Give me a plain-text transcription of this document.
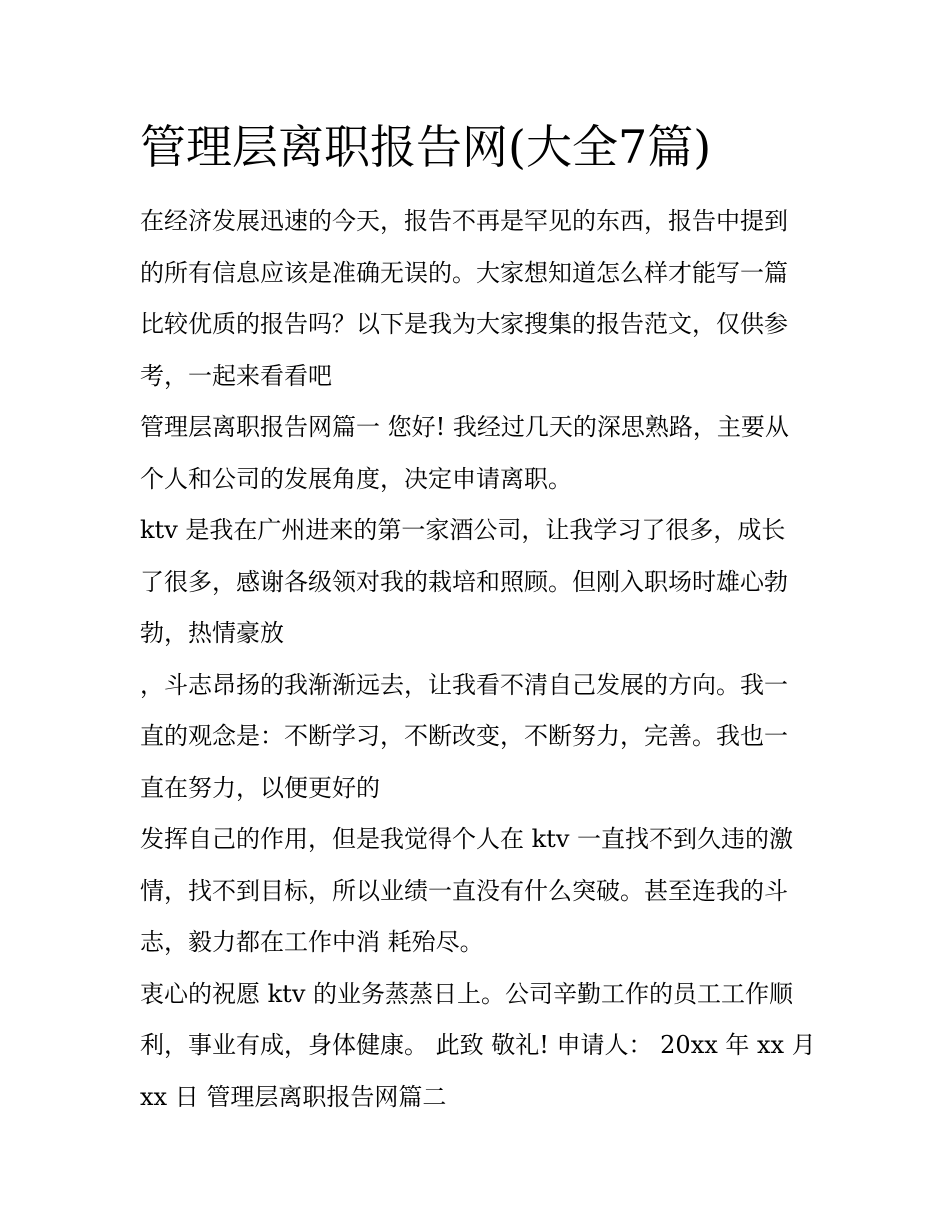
管理层离职报告网(大全7篇)
在经济发展迅速的今天，报告不再是罕见的东西，报告中提到
的所有信息应该是准确无误的。大家想知道怎么样才能写一篇
比较优质的报告吗？以下是我为大家搜集的报告范文，仅供参
考，一起来看看吧
管理层离职报告网篇一 您好! 我经过几天的深思熟路，主要从
个人和公司的发展角度，决定申请离职。
ktv 是我在广州进来的第一家酒公司，让我学习了很多，成长
了很多，感谢各级领对我的栽培和照顾。但刚入职场时雄心勃
勃，热情豪放
，斗志昂扬的我渐渐远去，让我看不清自己发展的方向。我一
直的观念是：不断学习，不断改变，不断努力，完善。我也一
直在努力，以便更好的
发挥自己的作用，但是我觉得个人在 ktv 一直找不到久违的激
情，找不到目标，所以业绩一直没有什么突破。甚至连我的斗
志，毅力都在工作中消 耗殆尽。
衷心的祝愿 ktv 的业务蒸蒸日上。公司辛勤工作的员工工作顺
利，事业有成，身体健康。 此致 敬礼! 申请人： 20xx 年 xx 月
xx 日 管理层离职报告网篇二
